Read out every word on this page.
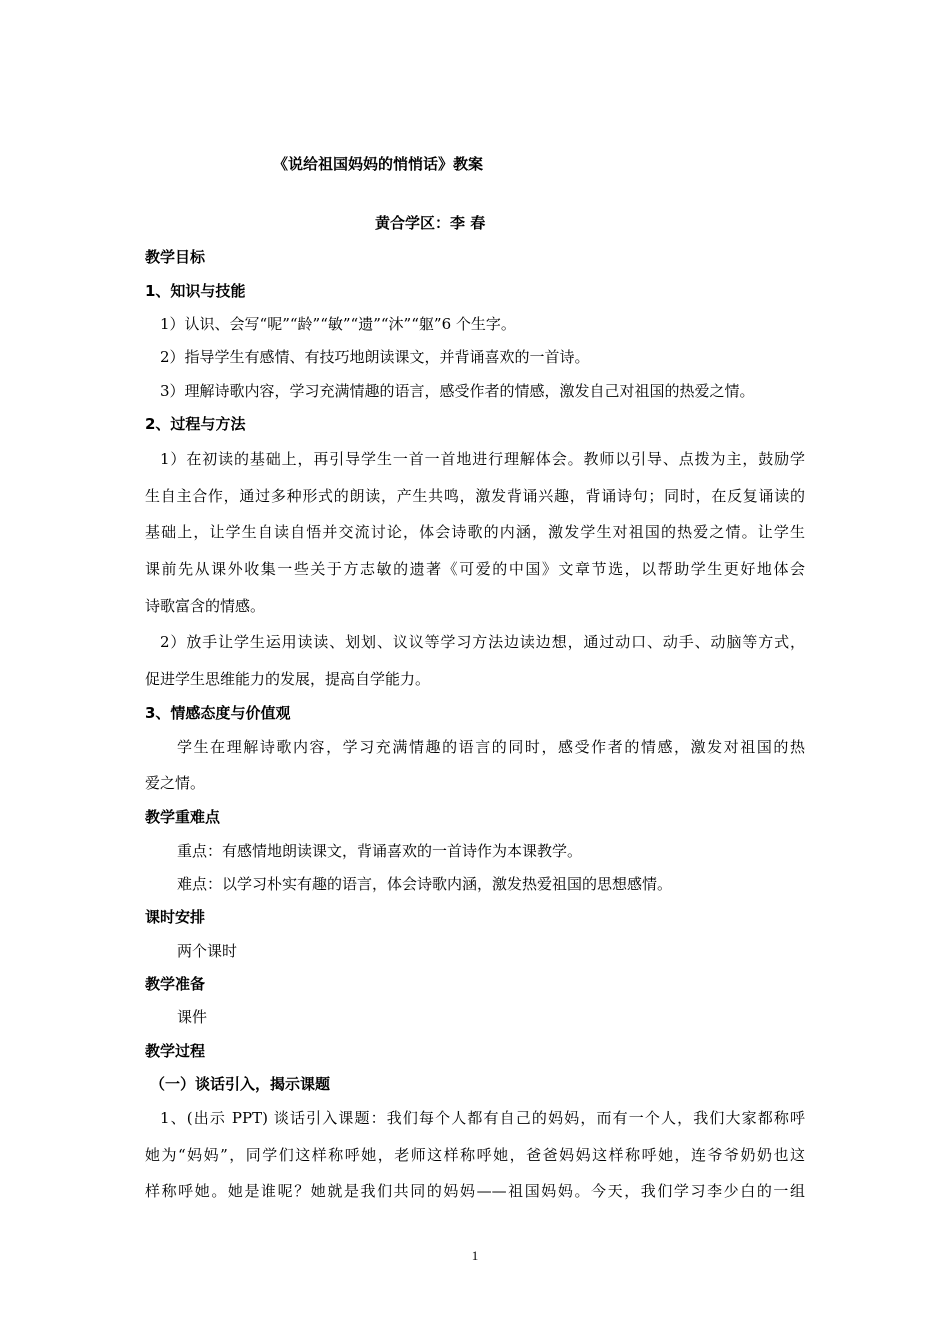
《说给祖国妈妈的悄悄话》教案
黄合学区：李 春
教学目标
1、知识与技能
1）认识、会写“呢”“龄”“敏”“遗”“沐”“躯”6 个生字。
2）指导学生有感情、有技巧地朗读课文，并背诵喜欢的一首诗。
3）理解诗歌内容，学习充满情趣的语言，感受作者的情感，激发自己对祖国的热爱之情。
2、过程与方法
1）在初读的基础上，再引导学生一首一首地进行理解体会。教师以引导、点拨为主，鼓励学
生自主合作，通过多种形式的朗读，产生共鸣，激发背诵兴趣，背诵诗句；同时，在反复诵读的
基础上，让学生自读自悟并交流讨论，体会诗歌的内涵，激发学生对祖国的热爱之情。让学生
课前先从课外收集一些关于方志敏的遗著《可爱的中国》文章节选，以帮助学生更好地体会
诗歌富含的情感。
2）放手让学生运用读读、划划、议议等学习方法边读边想，通过动口、动手、动脑等方式，
促进学生思维能力的发展，提高自学能力。
3、情感态度与价值观
学生在理解诗歌内容，学习充满情趣的语言的同时，感受作者的情感，激发对祖国的热
爱之情。
教学重难点
重点：有感情地朗读课文，背诵喜欢的一首诗作为本课教学。
难点：以学习朴实有趣的语言，体会诗歌内涵，激发热爱祖国的思想感情。
课时安排
两个课时
教学准备
课件
教学过程
（一）谈话引入，揭示课题
1、(出示 PPT) 谈话引入课题：我们每个人都有自己的妈妈，而有一个人，我们大家都称呼
她为“妈妈”，同学们这样称呼她，老师这样称呼她，爸爸妈妈这样称呼她，连爷爷奶奶也这
样称呼她。她是谁呢？她就是我们共同的妈妈——祖国妈妈。今天，我们学习李少白的一组
1
